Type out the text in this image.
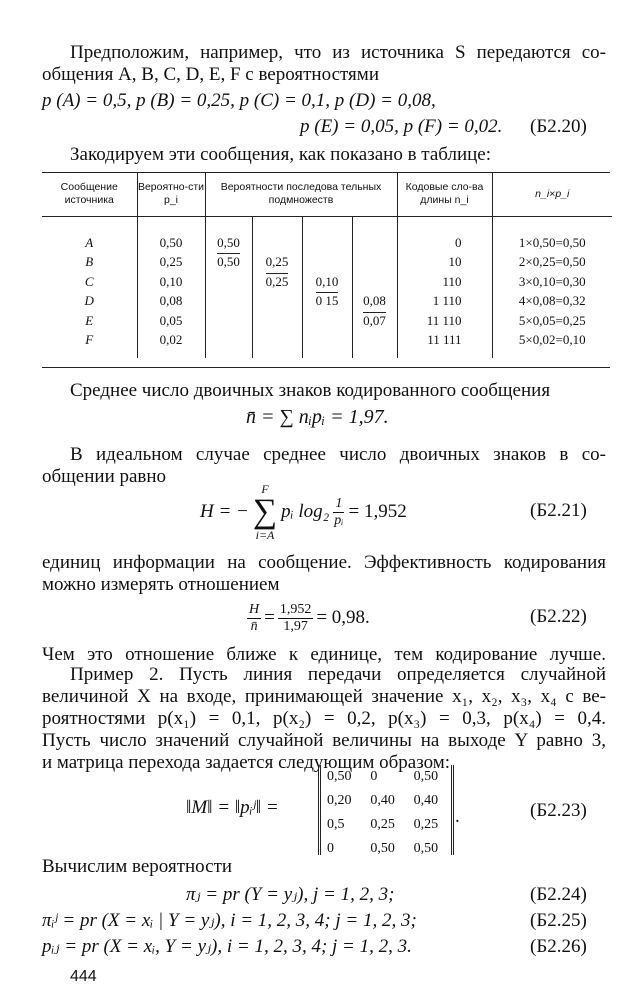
Предположим, например, что из источника S передаются со-
общения A, B, C, D, E, F с вероятностями
p (A) = 0,5, p (B) = 0,25, p (C) = 0,1, p (D) = 0,08,
p (E) = 0,05, p (F) = 0,02. (Б2.20)
Закодируем эти сообщения, как показано в таблице:
Сообщение источника	Вероятно-сти p_i	Вероятности последова тельных подмножеств				Кодовые сло-ва длины n_i	n_i×p_i
A	0,50	0,50				0	1×0,50=0,50
B	0,25	0,50	0,25			10	2×0,25=0,50
C	0,10		0,25	0,10		110	3×0,10=0,30
D	0,08			0 15	0,08	1 110	4×0,08=0,32
E	0,05				0,07	11 110	5×0,05=0,25
F	0,02					11 111	5×0,02=0,10
Среднее число двоичных знаков кодированного сообщения
n̄ = ∑ nᵢpᵢ = 1,97.
В идеальном случае среднее число двоичных знаков в со-
общении равно
H = −
F
∑
i=A
pᵢ $\log_2 \frac{1}{\text{pᵢ}} = 1,952$	(Б2.21)
единиц информации на сообщение. Эффективность кодирования
можно измерять отношением
$\frac{H}{n̄} = \frac{1,952}{1,97} = 0,98$.	(Б2.22)
Чем это отношение ближе к единице, тем кодирование лучше.
Пример 2. Пусть линия передачи определяется случайной
величиной X на входе, принимающей значение x₁, x₂, x₃, x₄ с ве-
роятностями p(x₁) = 0,1, p(x₂) = 0,2, p(x₃) = 0,3, p(x₄) = 0,4.
Пусть число значений случайной величины на выходе Y равно 3,
и матрица перехода задается следующим образом:
‖M‖ = ‖pᵢʲ‖ =
0,50	0	0,50
0,20	0,40	0,40
0,5	0,25	0,25
0	0,50	0,50
.	(Б2.23)
Вычислим вероятности
πⱼ = pr (Y = yⱼ), j = 1, 2, 3;	(Б2.24)
πᵢʲ = pr (X = xᵢ | Y = yⱼ), i = 1, 2, 3, 4; j = 1, 2, 3;	(Б2.25)
pᵢⱼ = pr (X = xᵢ, Y = yⱼ), i = 1, 2, 3, 4; j = 1, 2, 3.	(Б2.26)
444
